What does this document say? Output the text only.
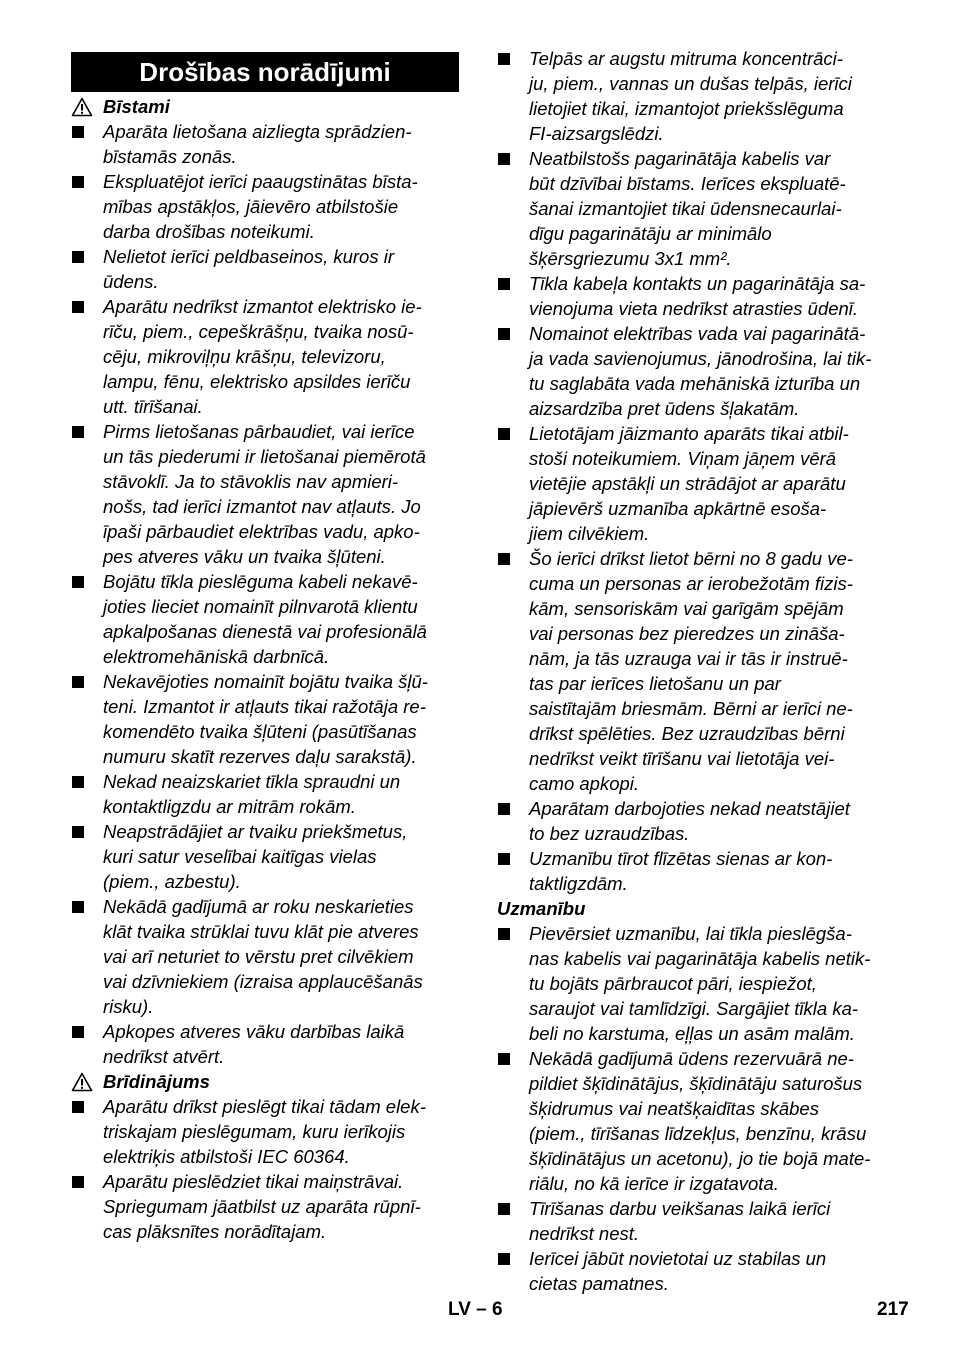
Drošības norādījumi
Bīstami
Aparāta lietošana aizliegta sprādzien-
bīstamās zonās.
Ekspluatējot ierīci paaugstinātas bīsta-
mības apstākļos, jāievēro atbilstošie
darba drošības noteikumi.
Nelietot ierīci peldbaseinos, kuros ir
ūdens.
Aparātu nedrīkst izmantot elektrisko ie-
rīču, piem., cepeškrāšņu, tvaika nosū-
cēju, mikroviļņu krāšņu, televizoru,
lampu, fēnu, elektrisko apsildes ierīču
utt. tīrīšanai.
Pirms lietošanas pārbaudiet, vai ierīce
un tās piederumi ir lietošanai piemērotā
stāvoklī. Ja to stāvoklis nav apmieri-
nošs, tad ierīci izmantot nav atļauts. Jo
īpaši pārbaudiet elektrības vadu, apko-
pes atveres vāku un tvaika šļūteni.
Bojātu tīkla pieslēguma kabeli nekavē-
joties lieciet nomainīt pilnvarotā klientu
apkalpošanas dienestā vai profesionālā
elektromehāniskā darbnīcā.
Nekavējoties nomainīt bojātu tvaika šļū-
teni. Izmantot ir atļauts tikai ražotāja re-
komendēto tvaika šļūteni (pasūtīšanas
numuru skatīt rezerves daļu sarakstā).
Nekad neaizskariet tīkla spraudni un
kontaktligzdu ar mitrām rokām.
Neapstrādājiet ar tvaiku priekšmetus,
kuri satur veselībai kaitīgas vielas
(piem., azbestu).
Nekādā gadījumā ar roku neskarieties
klāt tvaika strūklai tuvu klāt pie atveres
vai arī neturiet to vērstu pret cilvēkiem
vai dzīvniekiem (izraisa applaucēšanās
risku).
Apkopes atveres vāku darbības laikā
nedrīkst atvērt.
Brīdinājums
Aparātu drīkst pieslēgt tikai tādam elek-
triskajam pieslēgumam, kuru ierīkojis
elektriķis atbilstoši IEC 60364.
Aparātu pieslēdziet tikai maiņstrāvai.
Spriegumam jāatbilst uz aparāta rūpnī-
cas plāksnītes norādītajam.
Telpās ar augstu mitruma koncentrāci-
ju, piem., vannas un dušas telpās, ierīci
lietojiet tikai, izmantojot priekšslēguma
FI-aizsargslēdzi.
Neatbilstošs pagarinātāja kabelis var
būt dzīvībai bīstams. Ierīces ekspluatē-
šanai izmantojiet tikai ūdensnecaurlai-
dīgu pagarinātāju ar minimālo
šķērsgriezumu 3x1 mm².
Tīkla kabeļa kontakts un pagarinātāja sa-
vienojuma vieta nedrīkst atrasties ūdenī.
Nomainot elektrības vada vai pagarinātā-
ja vada savienojumus, jānodrošina, lai tik-
tu saglabāta vada mehāniskā izturība un
aizsardzība pret ūdens šļakatām.
Lietotājam jāizmanto aparāts tikai atbil-
stoši noteikumiem. Viņam jāņem vērā
vietējie apstākļi un strādājot ar aparātu
jāpievērš uzmanība apkārtnē esoša-
jiem cilvēkiem.
Šo ierīci drīkst lietot bērni no 8 gadu ve-
cuma un personas ar ierobežotām fizis-
kām, sensoriskām vai garīgām spējām
vai personas bez pieredzes un zināša-
nām, ja tās uzrauga vai ir tās ir instruē-
tas par ierīces lietošanu un par
saistītajām briesmām. Bērni ar ierīci ne-
drīkst spēlēties. Bez uzraudzības bērni
nedrīkst veikt tīrīšanu vai lietotāja vei-
camo apkopi.
Aparātam darbojoties nekad neatstājiet
to bez uzraudzības.
Uzmanību tīrot flīzētas sienas ar kon-
taktligzdām.
Uzmanību
Pievērsiet uzmanību, lai tīkla pieslēgša-
nas kabelis vai pagarinātāja kabelis netik-
tu bojāts pārbraucot pāri, iespiežot,
saraujot vai tamlīdzīgi. Sargājiet tīkla ka-
beli no karstuma, eļļas un asām malām.
Nekādā gadījumā ūdens rezervuārā ne-
pildiet šķīdinātājus, šķīdinātāju saturošus
šķidrumus vai neatšķaidītas skābes
(piem., tīrīšanas līdzekļus, benzīnu, krāsu
šķīdinātājus un acetonu), jo tie bojā mate-
riālu, no kā ierīce ir izgatavota.
Tīrīšanas darbu veikšanas laikā ierīci
nedrīkst nest.
Ierīcei jābūt novietotai uz stabilas un
cietas pamatnes.
LV – 6	217
